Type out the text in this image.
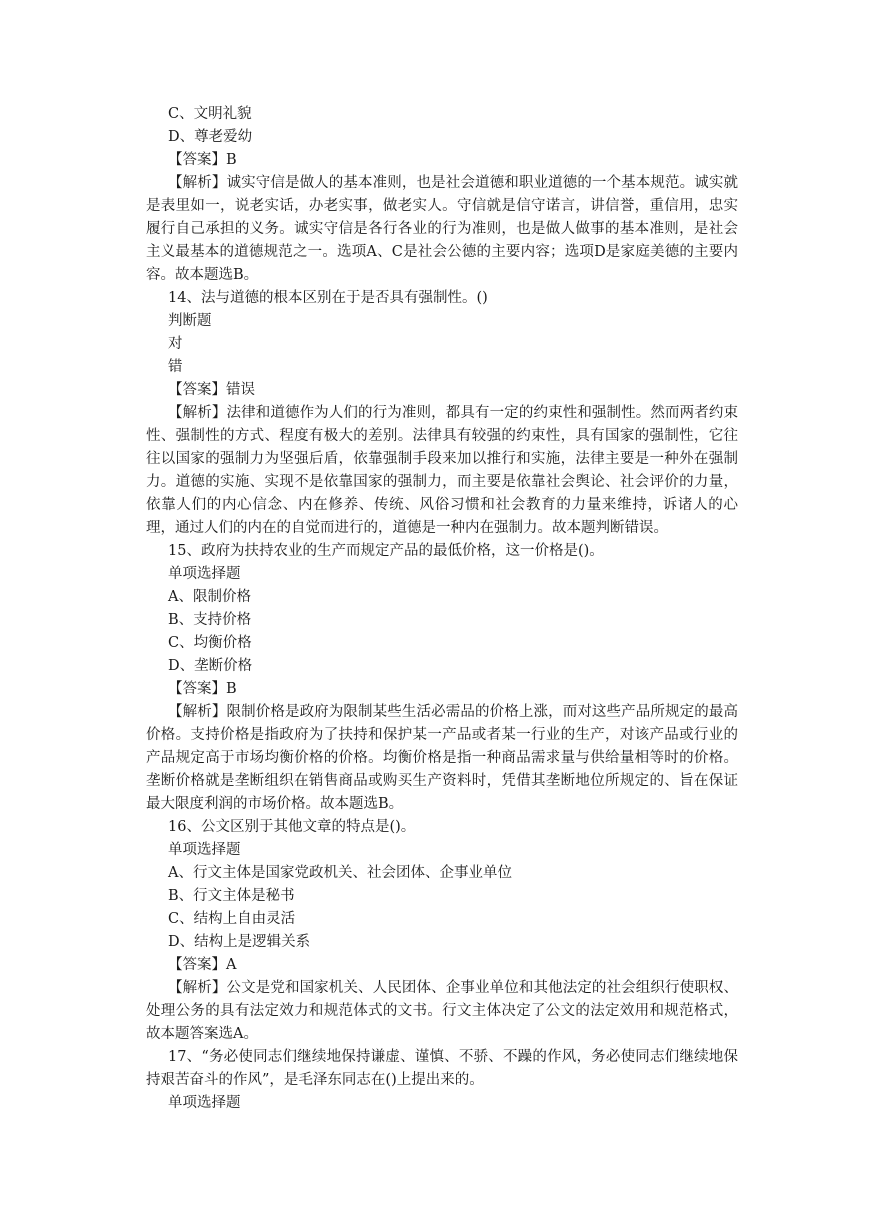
C、文明礼貌

D、尊老爱幼

【答案】B

【解析】诚实守信是做人的基本准则，也是社会道德和职业道德的一个基本规范。诚实就是表里如一，说老实话，办老实事，做老实人。守信就是信守诺言，讲信誉，重信用，忠实履行自己承担的义务。诚实守信是各行各业的行为准则，也是做人做事的基本准则，是社会主义最基本的道德规范之一。选项A、C是社会公德的主要内容；选项D是家庭美德的主要内容。故本题选B。

14、法与道德的根本区别在于是否具有强制性。()

判断题

对

错

【答案】错误

【解析】法律和道德作为人们的行为准则，都具有一定的约束性和强制性。然而两者约束性、强制性的方式、程度有极大的差别。法律具有较强的约束性，具有国家的强制性，它往往以国家的强制力为坚强后盾，依靠强制手段来加以推行和实施，法律主要是一种外在强制力。道德的实施、实现不是依靠国家的强制力，而主要是依靠社会舆论、社会评价的力量，依靠人们的内心信念、内在修养、传统、风俗习惯和社会教育的力量来维持，诉诸人的心理，通过人们的内在的自觉而进行的，道德是一种内在强制力。故本题判断错误。

15、政府为扶持农业的生产而规定产品的最低价格，这一价格是()。

单项选择题

A、限制价格

B、支持价格

C、均衡价格

D、垄断价格

【答案】B

【解析】限制价格是政府为限制某些生活必需品的价格上涨，而对这些产品所规定的最高价格。支持价格是指政府为了扶持和保护某一产品或者某一行业的生产，对该产品或行业的产品规定高于市场均衡价格的价格。均衡价格是指一种商品需求量与供给量相等时的价格。垄断价格就是垄断组织在销售商品或购买生产资料时，凭借其垄断地位所规定的、旨在保证最大限度利润的市场价格。故本题选B。

16、公文区别于其他文章的特点是()。

单项选择题

A、行文主体是国家党政机关、社会团体、企事业单位

B、行文主体是秘书

C、结构上自由灵活

D、结构上是逻辑关系

【答案】A

【解析】公文是党和国家机关、人民团体、企事业单位和其他法定的社会组织行使职权、处理公务的具有法定效力和规范体式的文书。行文主体决定了公文的法定效用和规范格式，故本题答案选A。

17、“务必使同志们继续地保持谦虚、谨慎、不骄、不躁的作风，务必使同志们继续地保持艰苦奋斗的作风”，是毛泽东同志在()上提出来的。

单项选择题
